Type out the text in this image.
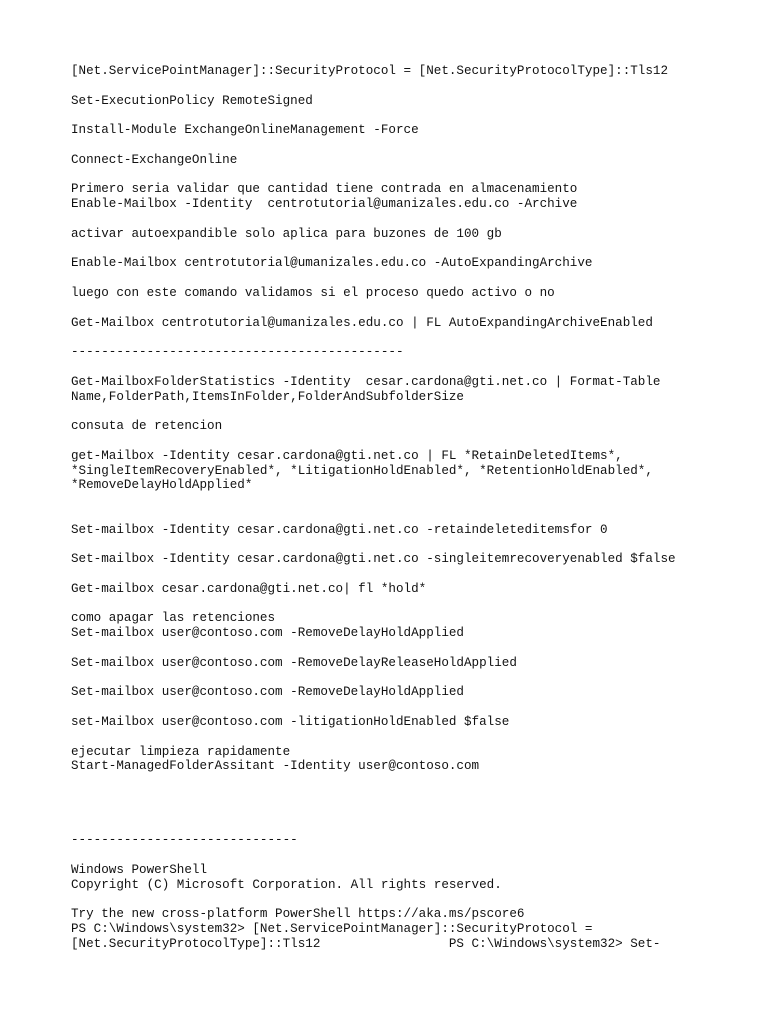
[Net.ServicePointManager]::SecurityProtocol = [Net.SecurityProtocolType]::Tls12
Set-ExecutionPolicy RemoteSigned
Install-Module ExchangeOnlineManagement -Force
Connect-ExchangeOnline
Primero seria validar que cantidad tiene contrada en almacenamiento
Enable-Mailbox -Identity  centrotutorial@umanizales.edu.co -Archive
activar autoexpandible solo aplica para buzones de 100 gb
Enable-Mailbox centrotutorial@umanizales.edu.co -AutoExpandingArchive
luego con este comando validamos si el proceso quedo activo o no
Get-Mailbox centrotutorial@umanizales.edu.co | FL AutoExpandingArchiveEnabled
--------------------------------------------
Get-MailboxFolderStatistics -Identity  cesar.cardona@gti.net.co | Format-Table
Name,FolderPath,ItemsInFolder,FolderAndSubfolderSize
consuta de retencion
get-Mailbox -Identity cesar.cardona@gti.net.co | FL *RetainDeletedItems*,
*SingleItemRecoveryEnabled*, *LitigationHoldEnabled*, *RetentionHoldEnabled*,
*RemoveDelayHoldApplied*
Set-mailbox -Identity cesar.cardona@gti.net.co -retaindeleteditemsfor 0
Set-mailbox -Identity cesar.cardona@gti.net.co -singleitemrecoveryenabled $false
Get-mailbox cesar.cardona@gti.net.co| fl *hold*
como apagar las retenciones
Set-mailbox user@contoso.com -RemoveDelayHoldApplied
Set-mailbox user@contoso.com -RemoveDelayReleaseHoldApplied
Set-mailbox user@contoso.com -RemoveDelayHoldApplied
set-Mailbox user@contoso.com -litigationHoldEnabled $false
ejecutar limpieza rapidamente
Start-ManagedFolderAssitant -Identity user@contoso.com
------------------------------
Windows PowerShell
Copyright (C) Microsoft Corporation. All rights reserved.
Try the new cross-platform PowerShell https://aka.ms/pscore6
PS C:\Windows\system32> [Net.ServicePointManager]::SecurityProtocol =
[Net.SecurityProtocolType]::Tls12                 PS C:\Windows\system32> Set-
